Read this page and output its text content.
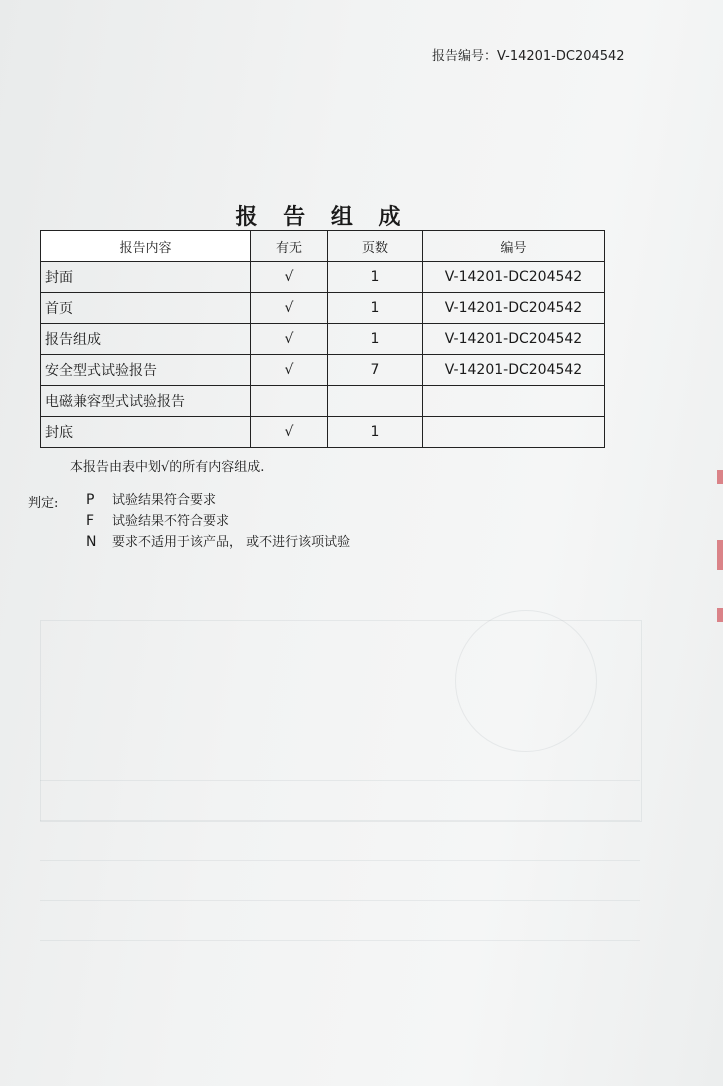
报告编号：V-14201-DC204542
报 告 组 成
报告内容	有无	页数	编号
封面	√	1	V-14201-DC204542
首页	√	1	V-14201-DC204542
报告组成	√	1	V-14201-DC204542
安全型式试验报告	√	7	V-14201-DC204542
电磁兼容型式试验报告			
封底	√	1	
本报告由表中划√的所有内容组成.
判定: P	试验结果符合要求
F	试验结果不符合要求
N	要求不适用于该产品， 或不进行该项试验
